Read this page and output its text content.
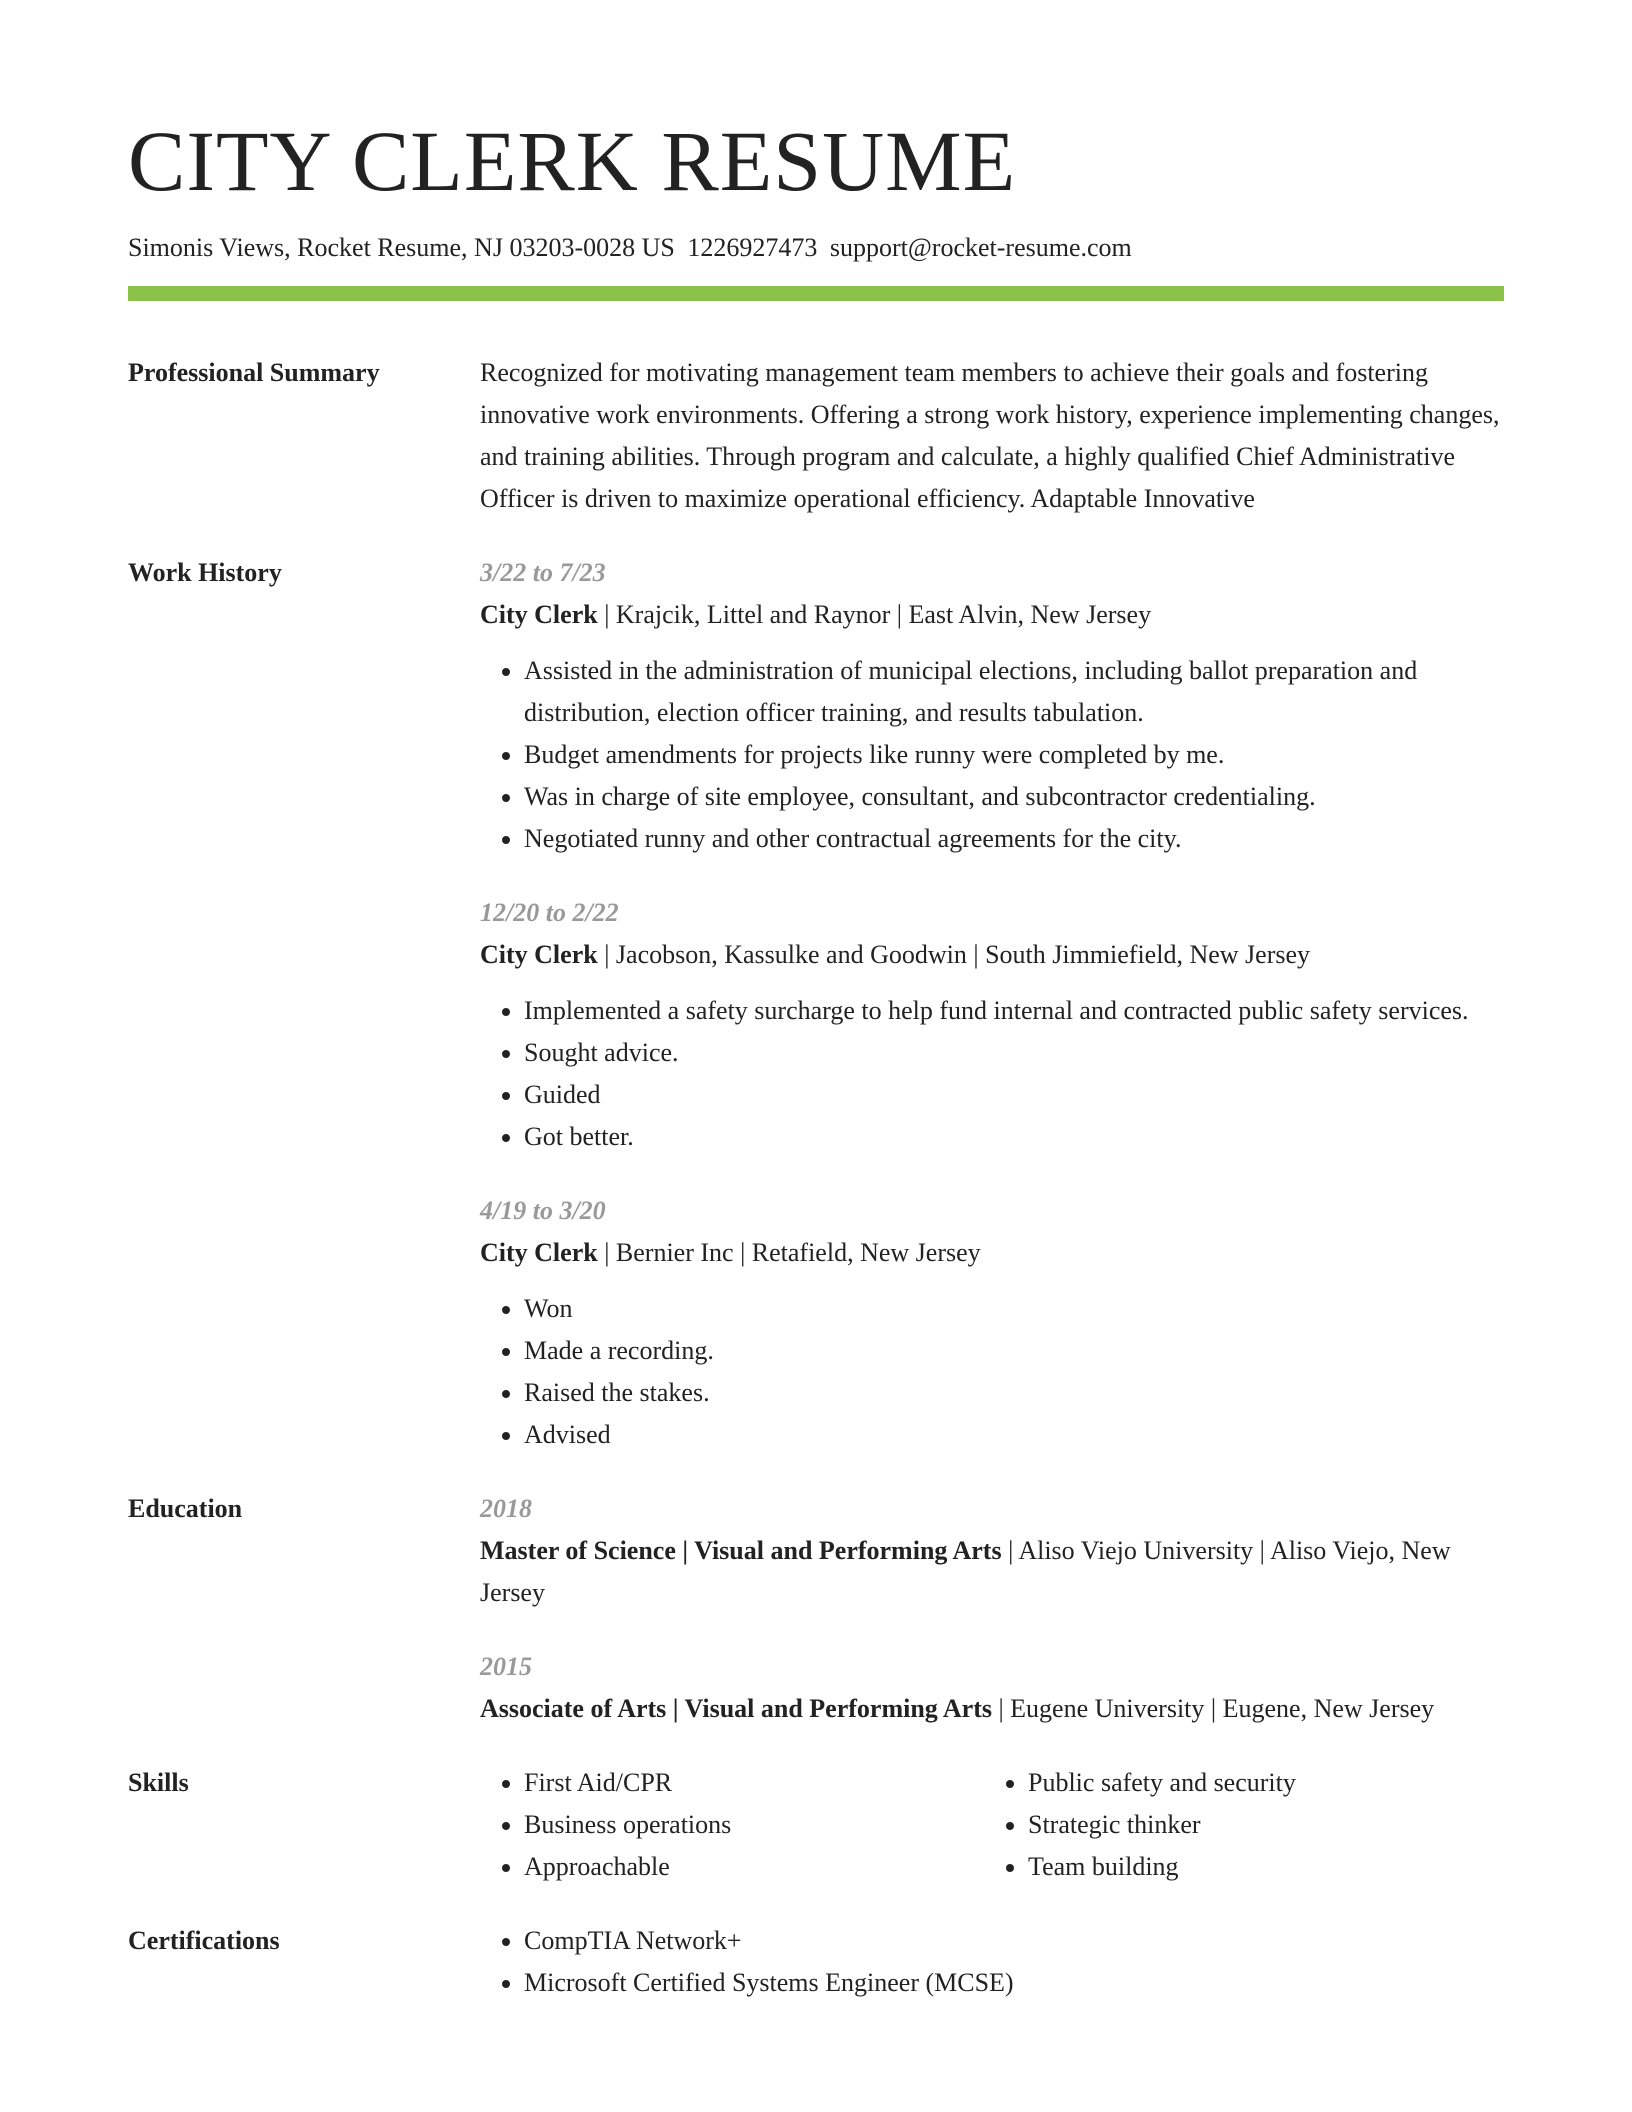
CITY CLERK RESUME
Simonis Views, Rocket Resume, NJ 03203-0028 US 1226927473 support@rocket-resume.com
Professional Summary	Recognized for motivating management team members to achieve their goals and fostering innovative work environments. Offering a strong work history, experience implementing changes, and training abilities. Through program and calculate, a highly qualified Chief Administrative Officer is driven to maximize operational efficiency. Adaptable Innovative

Work History	3/22 to 7/23
City Clerk | Krajcik, Littel and Raynor | East Alvin, New Jersey
• Assisted in the administration of municipal elections, including ballot preparation and distribution, election officer training, and results tabulation.
• Budget amendments for projects like runny were completed by me.
• Was in charge of site employee, consultant, and subcontractor credentialing.
• Negotiated runny and other contractual agreements for the city.
12/20 to 2/22
City Clerk | Jacobson, Kassulke and Goodwin | South Jimmiefield, New Jersey
• Implemented a safety surcharge to help fund internal and contracted public safety services.
• Sought advice.
• Guided
• Got better.
4/19 to 3/20
City Clerk | Bernier Inc | Retafield, New Jersey
• Won
• Made a recording.
• Raised the stakes.
• Advised
Education	2018
Master of Science | Visual and Performing Arts | Aliso Viejo University | Aliso Viejo, New Jersey
2015
Associate of Arts | Visual and Performing Arts | Eugene University | Eugene, New Jersey
Skills	• First Aid/CPR
• Business operations
• Approachable
• Public safety and security
• Strategic thinker
• Team building
Certifications	• CompTIA Network+
• Microsoft Certified Systems Engineer (MCSE)
